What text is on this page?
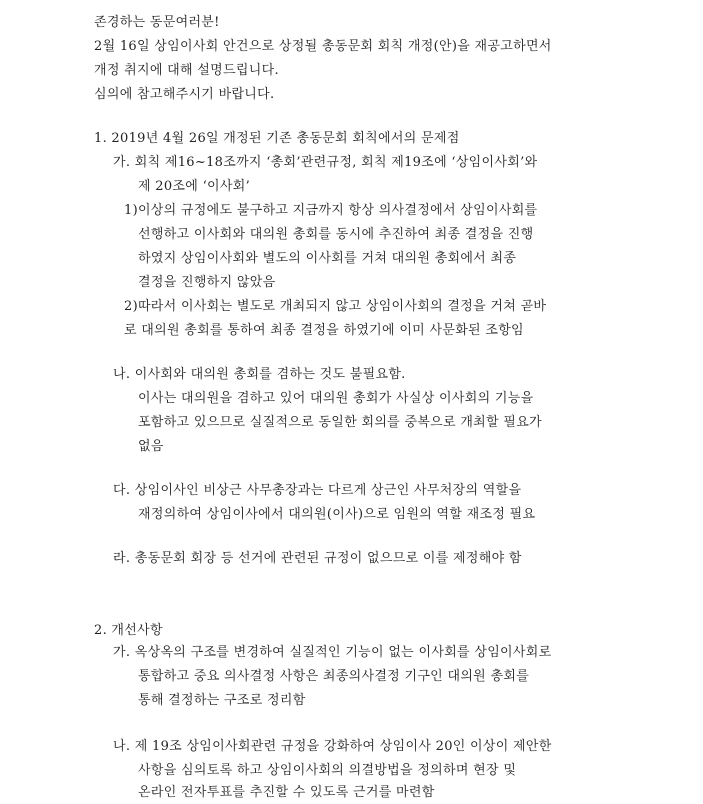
존경하는 동문여러분!
2월 16일 상임이사회 안건으로 상정될 총동문회 회칙 개정(안)을 재공고하면서
개정 취지에 대해 설명드립니다.
심의에 참고해주시기 바랍니다.
1. 2019년 4월 26일 개정된 기존 총동문회 회칙에서의 문제점
가. 회칙 제16~18조까지 ‘총회’관련규정, 회칙 제19조에 ‘상임이사회’와
제 20조에 ‘이사회’
1)이상의 규정에도 불구하고 지금까지 항상 의사결정에서 상임이사회를
선행하고 이사회와 대의원 총회를 동시에 추진하여 최종 결정을 진행
하였지 상임이사회와 별도의 이사회를 거쳐 대의원 총회에서 최종
결정을 진행하지 않았음
2)따라서 이사회는 별도로 개최되지 않고 상임이사회의 결정을 거쳐 곧바
로 대의원 총회를 통하여 최종 결정을 하였기에 이미 사문화된 조항임
나. 이사회와 대의원 총회를 겸하는 것도 불필요함.
이사는 대의원을 겸하고 있어 대의원 총회가 사실상 이사회의 기능을
포함하고 있으므로 실질적으로 동일한 회의를 중복으로 개최할 필요가
없음
다. 상임이사인 비상근 사무총장과는 다르게 상근인 사무처장의 역할을
재정의하여 상임이사에서 대의원(이사)으로 임원의 역할 재조정 필요
라. 총동문회 회장 등 선거에 관련된 규정이 없으므로 이를 제정해야 함
2. 개선사항
가. 옥상옥의 구조를 변경하여 실질적인 기능이 없는 이사회를 상임이사회로
통합하고 중요 의사결정 사항은 최종의사결정 기구인 대의원 총회를
통해 결정하는 구조로 정리함
나. 제 19조 상임이사회관련 규정을 강화하여 상임이사 20인 이상이 제안한
사항을 심의토록 하고 상임이사회의 의결방법을 정의하며 현장 및
온라인 전자투표를 추진할 수 있도록 근거를 마련함
